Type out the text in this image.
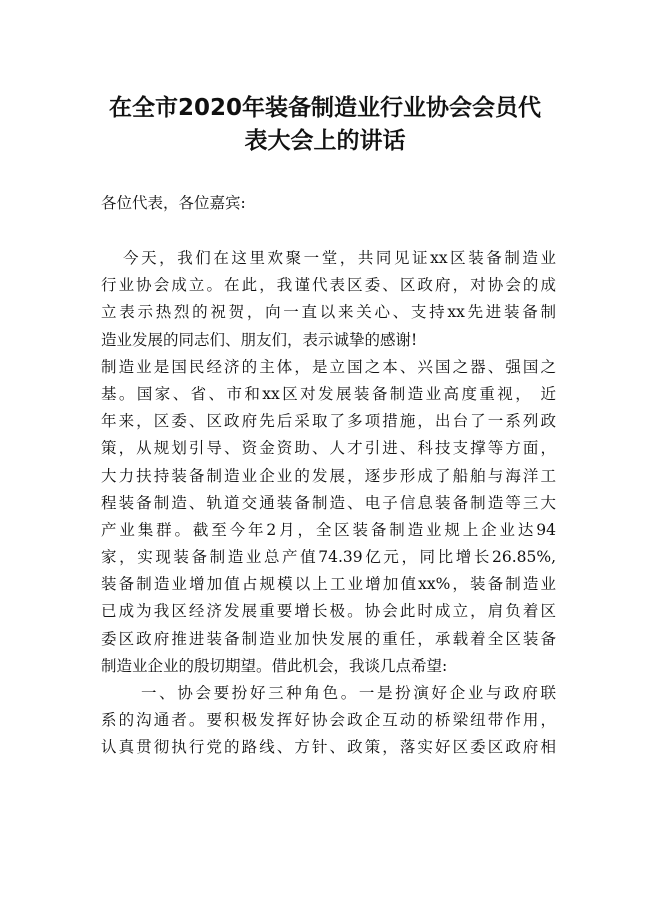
在全市2020年装备制造业行业协会会员代
表大会上的讲话
各位代表，各位嘉宾:
今天，我们在这里欢聚一堂，共同见证xx区装备制造业
行业协会成立。在此，我谨代表区委、区政府，对协会的成
立表示热烈的祝贺，向一直以来关心、支持xx先进装备制
造业发展的同志们、朋友们，表示诚挚的感谢!
制造业是国民经济的主体，是立国之本、兴国之器、强国之
基。国家、省、市和xx区对发展装备制造业高度重视， 近
年来，区委、区政府先后采取了多项措施，出台了一系列政
策，从规划引导、资金资助、人才引进、科技支撑等方面，
大力扶持装备制造业企业的发展，逐步形成了船舶与海洋工
程装备制造、轨道交通装备制造、电子信息装备制造等三大
产业集群。截至今年2月，全区装备制造业规上企业达94
家，实现装备制造业总产值74.39亿元，同比增长26.85%,
装备制造业增加值占规模以上工业增加值xx%，装备制造业
已成为我区经济发展重要增长极。协会此时成立，肩负着区
委区政府推进装备制造业加快发展的重任，承载着全区装备
制造业企业的殷切期望。借此机会，我谈几点希望:
一、协会要扮好三种角色。一是扮演好企业与政府联
系的沟通者。要积极发挥好协会政企互动的桥梁纽带作用，
认真贯彻执行党的路线、方针、政策，落实好区委区政府相
